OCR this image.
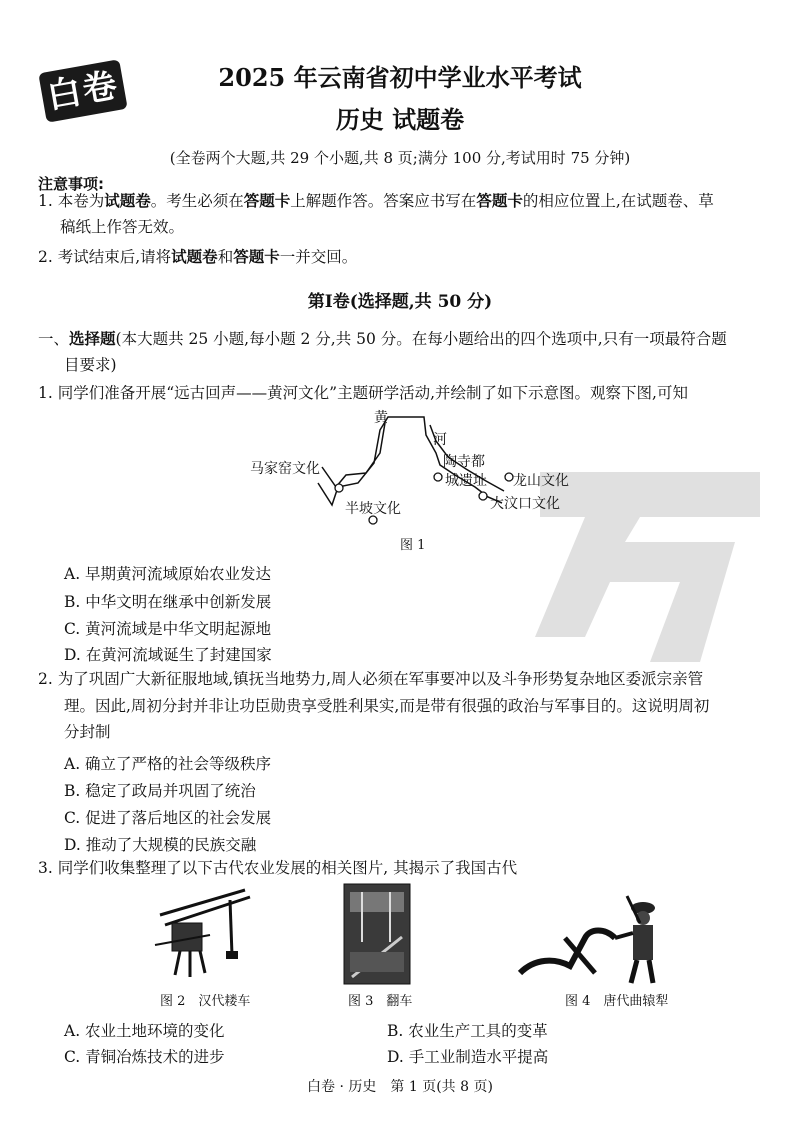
白卷	2025 年云南省初中学业水平考试
历史 试题卷
(全卷两个大题,共 29 个小题,共 8 页;满分 100 分,考试用时 75 分钟)
注意事项:
1. 本卷为试题卷。考生必须在答题卡上解题作答。答案应书写在答题卡的相应位置上,在试题卷、草
稿纸上作答无效。
2. 考试结束后,请将试题卷和答题卡一并交回。
第Ⅰ卷(选择题,共 50 分)
一、选择题(本大题共 25 小题,每小题 2 分,共 50 分。在每小题给出的四个选项中,只有一项最符合题
目要求)
1. 同学们准备开展“远古回声——黄河文化”主题研学活动,并绘制了如下示意图。观察下图,可知
黄
河
马家窑文化	陶寺都
城遗址 龙山文化
大汶口文化
半坡文化
图 1
A. 早期黄河流域原始农业发达
B. 中华文明在继承中创新发展
C. 黄河流域是中华文明起源地
D. 在黄河流域诞生了封建国家
2. 为了巩固广大新征服地域,镇抚当地势力,周人必须在军事要冲以及斗争形势复杂地区委派宗亲管
理。因此,周初分封并非让功臣勋贵享受胜利果实,而是带有很强的政治与军事目的。这说明周初
分封制
A. 确立了严格的社会等级秩序
B. 稳定了政局并巩固了统治
C. 促进了落后地区的社会发展
D. 推动了大规模的民族交融
3. 同学们收集整理了以下古代农业发展的相关图片, 其揭示了我国古代
图 2　汉代耧车	图 3　翻车	图 4　唐代曲辕犁
A. 农业土地环境的变化	B. 农业生产工具的变革
C. 青铜冶炼技术的进步	D. 手工业制造水平提高
白卷 · 历史　第 1 页(共 8 页)
